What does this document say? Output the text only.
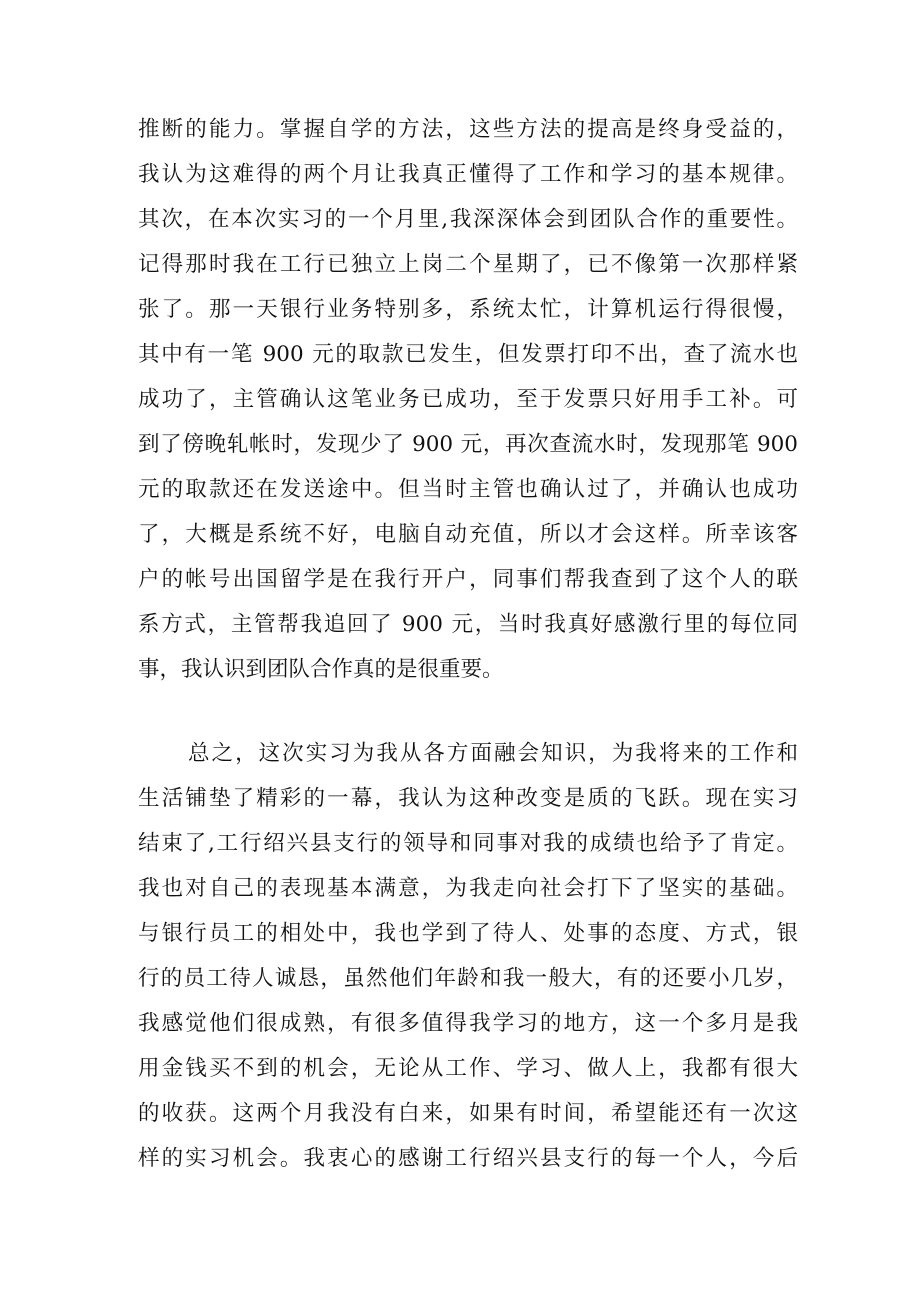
推断的能力。掌握自学的方法，这些方法的提高是终身受益的，
我认为这难得的两个月让我真正懂得了工作和学习的基本规律。
其次，在本次实习的一个月里,我深深体会到团队合作的重要性。
记得那时我在工行已独立上岗二个星期了，已不像第一次那样紧
张了。那一天银行业务特别多，系统太忙，计算机运行得很慢，
其中有一笔 900 元的取款已发生，但发票打印不出，查了流水也
成功了，主管确认这笔业务已成功，至于发票只好用手工补。可
到了傍晚轧帐时，发现少了 900 元，再次查流水时，发现那笔 900
元的取款还在发送途中。但当时主管也确认过了，并确认也成功
了，大概是系统不好，电脑自动充值，所以才会这样。所幸该客
户的帐号出国留学是在我行开户，同事们帮我查到了这个人的联
系方式，主管帮我追回了 900 元，当时我真好感激行里的每位同
事，我认识到团队合作真的是很重要。
总之，这次实习为我从各方面融会知识，为我将来的工作和
生活铺垫了精彩的一幕，我认为这种改变是质的飞跃。现在实习
结束了,工行绍兴县支行的领导和同事对我的成绩也给予了肯定。
我也对自己的表现基本满意，为我走向社会打下了坚实的基础。
与银行员工的相处中，我也学到了待人、处事的态度、方式，银
行的员工待人诚恳，虽然他们年龄和我一般大，有的还要小几岁，
我感觉他们很成熟，有很多值得我学习的地方，这一个多月是我
用金钱买不到的机会，无论从工作、学习、做人上，我都有很大
的收获。这两个月我没有白来，如果有时间，希望能还有一次这
样的实习机会。我衷心的感谢工行绍兴县支行的每一个人，今后
